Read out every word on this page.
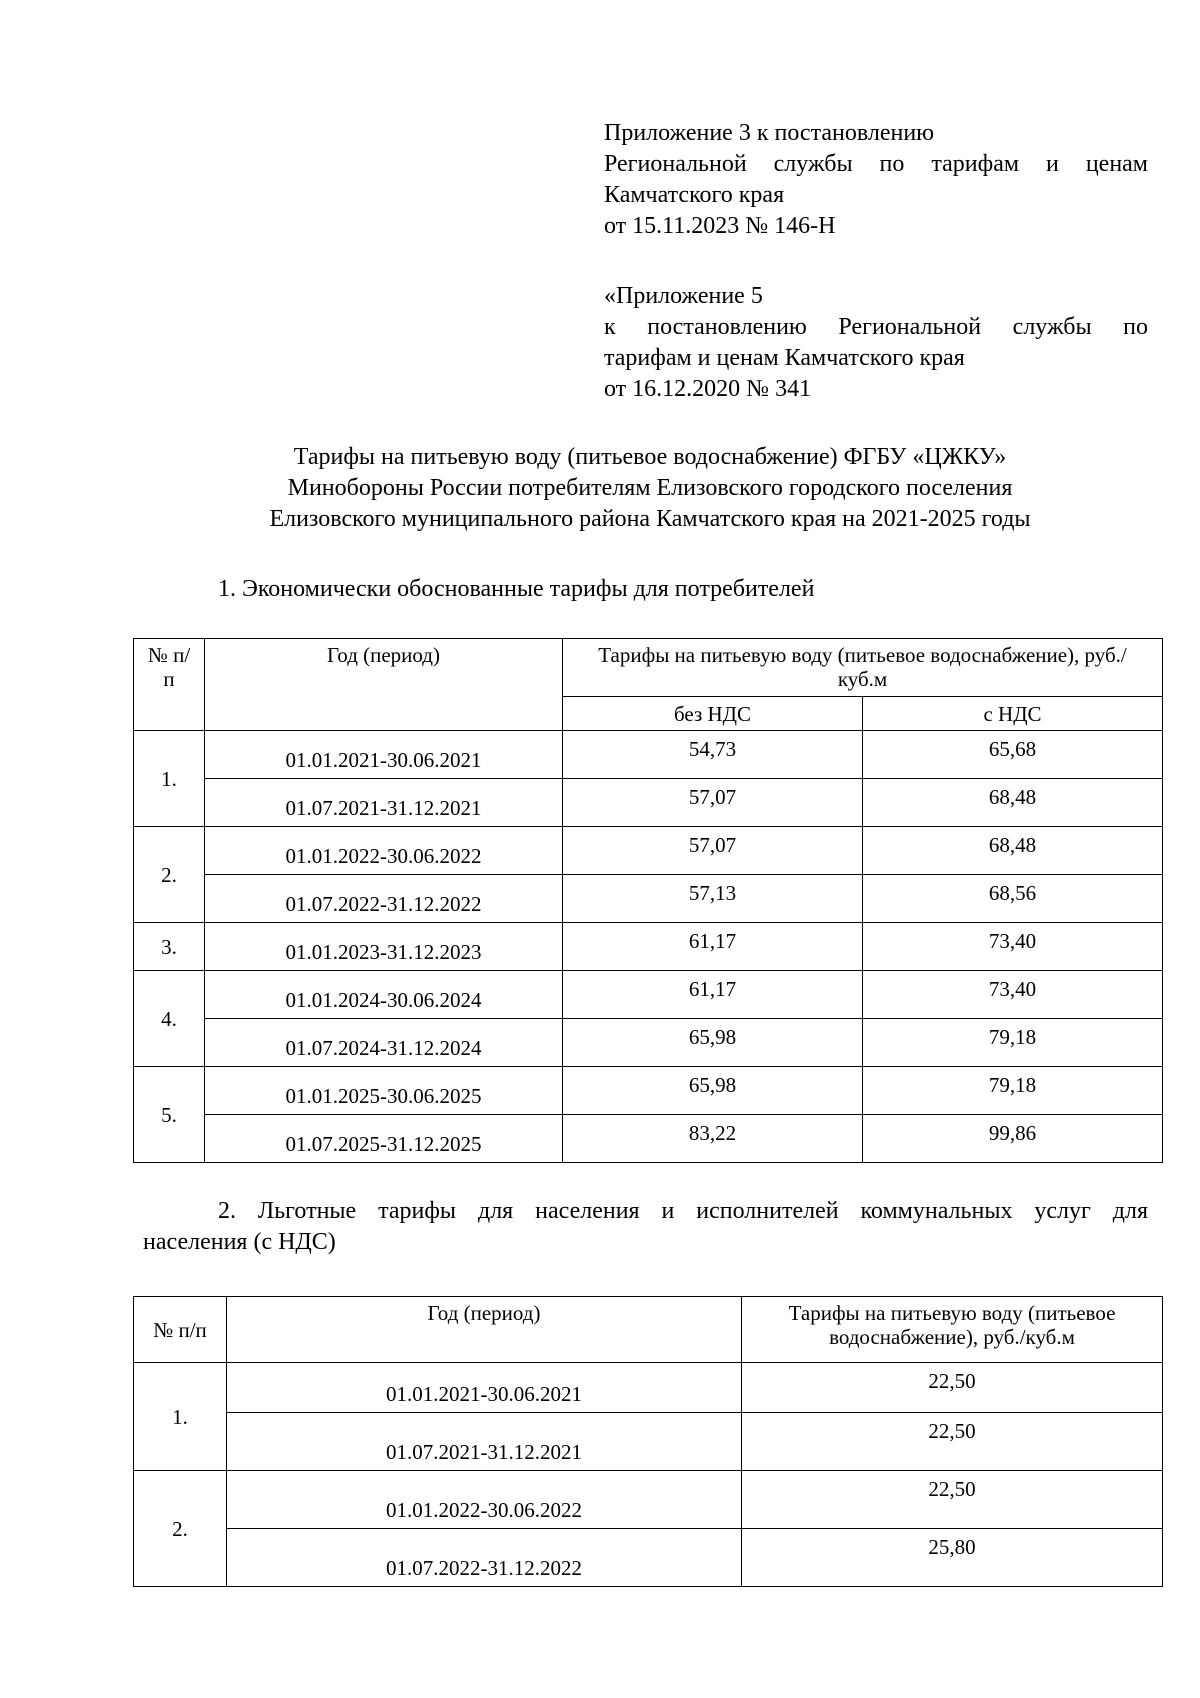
Приложение 3 к постановлению
Региональной службы по тарифам и ценам
Камчатского края
от 15.11.2023 № 146-Н
«Приложение 5
к постановлению Региональной службы по
тарифам и ценам Камчатского края
от 16.12.2020 № 341
Тарифы на питьевую воду (питьевое водоснабжение) ФГБУ «ЦЖКУ»
Минобороны России потребителям Елизовского городского поселения
Елизовского муниципального района Камчатского края на 2021-2025 годы
1. Экономически обоснованные тарифы для потребителей
№ п/п	Год (период)	Тарифы на питьевую воду (питьевое водоснабжение), руб./куб.м	
		без НДС	с НДС
1.	01.01.2021-30.06.2021	54,73	65,68
	01.07.2021-31.12.2021	57,07	68,48
2.	01.01.2022-30.06.2022	57,07	68,48
	01.07.2022-31.12.2022	57,13	68,56
3.	01.01.2023-31.12.2023	61,17	73,40
4.	01.01.2024-30.06.2024	61,17	73,40
	01.07.2024-31.12.2024	65,98	79,18
5.	01.01.2025-30.06.2025	65,98	79,18
	01.07.2025-31.12.2025	83,22	99,86
2. Льготные тарифы для населения и исполнителей коммунальных услуг для
населения (с НДС)
№ п/п	Год (период)	Тарифы на питьевую воду (питьевое водоснабжение), руб./куб.м
1.	01.01.2021-30.06.2021	22,50
	01.07.2021-31.12.2021	22,50
2.	01.01.2022-30.06.2022	22,50
	01.07.2022-31.12.2022	25,80
